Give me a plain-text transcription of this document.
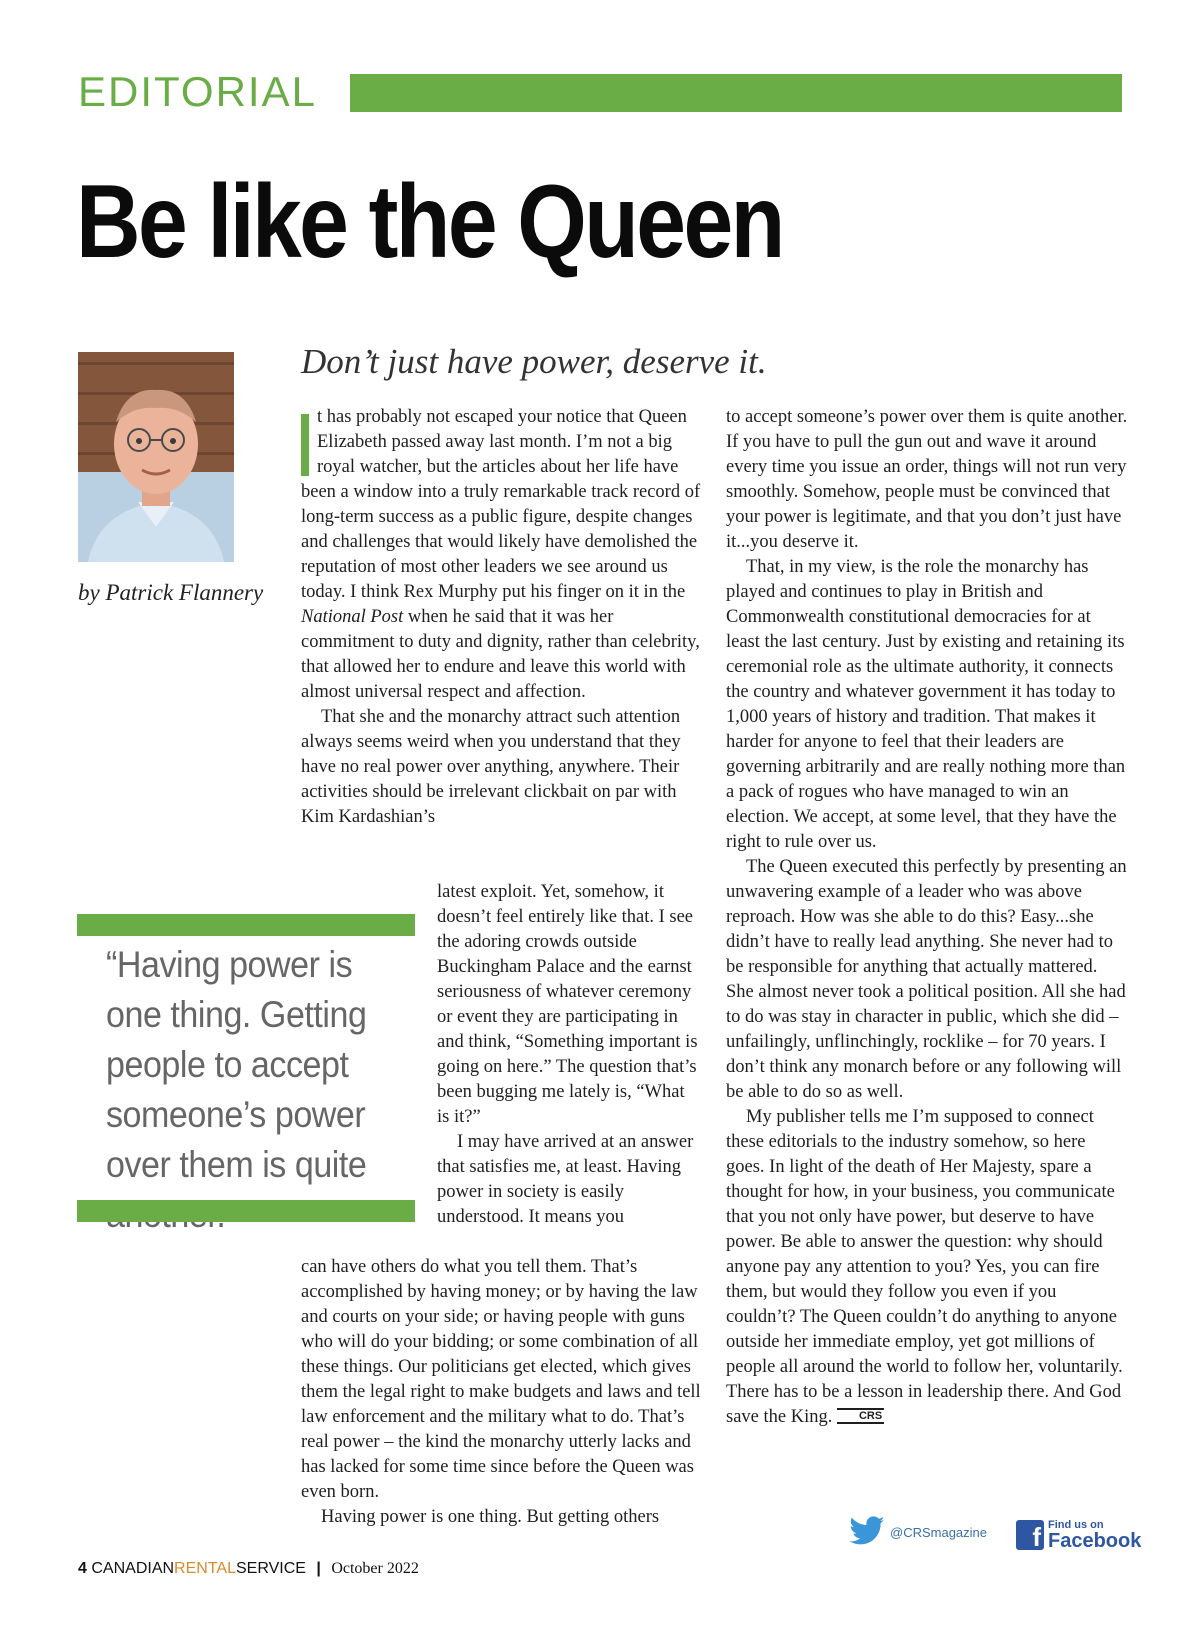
EDITORIAL
Be like the Queen
by Patrick Flannery
Don’t just have power, deserve it.

t has probably not escaped your notice that Queen Elizabeth passed away last month. I’m not a big royal watcher, but the articles about her life have been a window into a truly remarkable track record of long-term success as a public figure, despite changes and challenges that would likely have demolished the reputation of most other leaders we see around us today. I think Rex Murphy put his finger on it in the National Post when he said that it was her commitment to duty and dignity, rather than celebrity, that allowed her to endure and leave this world with almost universal respect and affection.

That she and the monarchy attract such attention always seems weird when you understand that they have no real power over anything, anywhere. Their activities should be irrelevant clickbait on par with Kim Kardashian’s

latest exploit. Yet, somehow, it doesn’t feel entirely like that. I see the adoring crowds outside Buckingham Palace and the earnst seriousness of whatever ceremony or event they are participating in and think, “Something important is going on here.” The question that’s been bugging me lately is, “What is it?”

I may have arrived at an answer that satisfies me, at least. Having power in society is easily understood. It means you

can have others do what you tell them. That’s accomplished by having money; or by having the law and courts on your side; or having people with guns who will do your bidding; or some combination of all these things. Our politicians get elected, which gives them the legal right to make budgets and laws and tell law enforcement and the military what to do. That’s real power – the kind the monarchy utterly lacks and has lacked for some time since before the Queen was even born.

Having power is one thing. But getting others

“Having power is one thing. Getting people to accept someone’s power over them is quite

to accept someone’s power over them is quite another. If you have to pull the gun out and wave it around every time you issue an order, things will not run very smoothly. Somehow, people must be convinced that your power is legitimate, and that you don’t just have it...you deserve it.

That, in my view, is the role the monarchy has played and continues to play in British and Commonwealth constitutional democracies for at least the last century. Just by existing and retaining its ceremonial role as the ultimate authority, it connects the country and whatever government it has today to 1,000 years of history and tradition. That makes it harder for anyone to feel that their leaders are governing arbitrarily and are really nothing more than a pack of rogues who have managed to win an election. We accept, at some level, that they have the right to rule over us.

The Queen executed this perfectly by presenting an unwavering example of a leader who was above reproach. How was she able to do this? Easy...she didn’t have to really lead anything. She never had to be responsible for anything that actually mattered. She almost never took a political position. All she had to do was stay in character in public, which she did – unfailingly, unflinchingly, rocklike – for 70 years. I don’t think any monarch before or any following will be able to do so as well.

My publisher tells me I’m supposed to connect these editorials to the industry somehow, so here goes. In light of the death of Her Majesty, spare a thought for how, in your business, you communicate that you not only have power, but deserve to have power. Be able to answer the question: why should anyone pay any attention to you? Yes, you can fire them, but would they follow you even if you couldn’t? The Queen couldn’t do anything to anyone outside her immediate employ, yet got millions of people all around the world to follow her, voluntarily. There has to be a lesson in leadership there. And God save the King. CRS

@CRSmagazine	f Find us on
Facebook
4 CANADIANRENTALSERVICE | October 2022
